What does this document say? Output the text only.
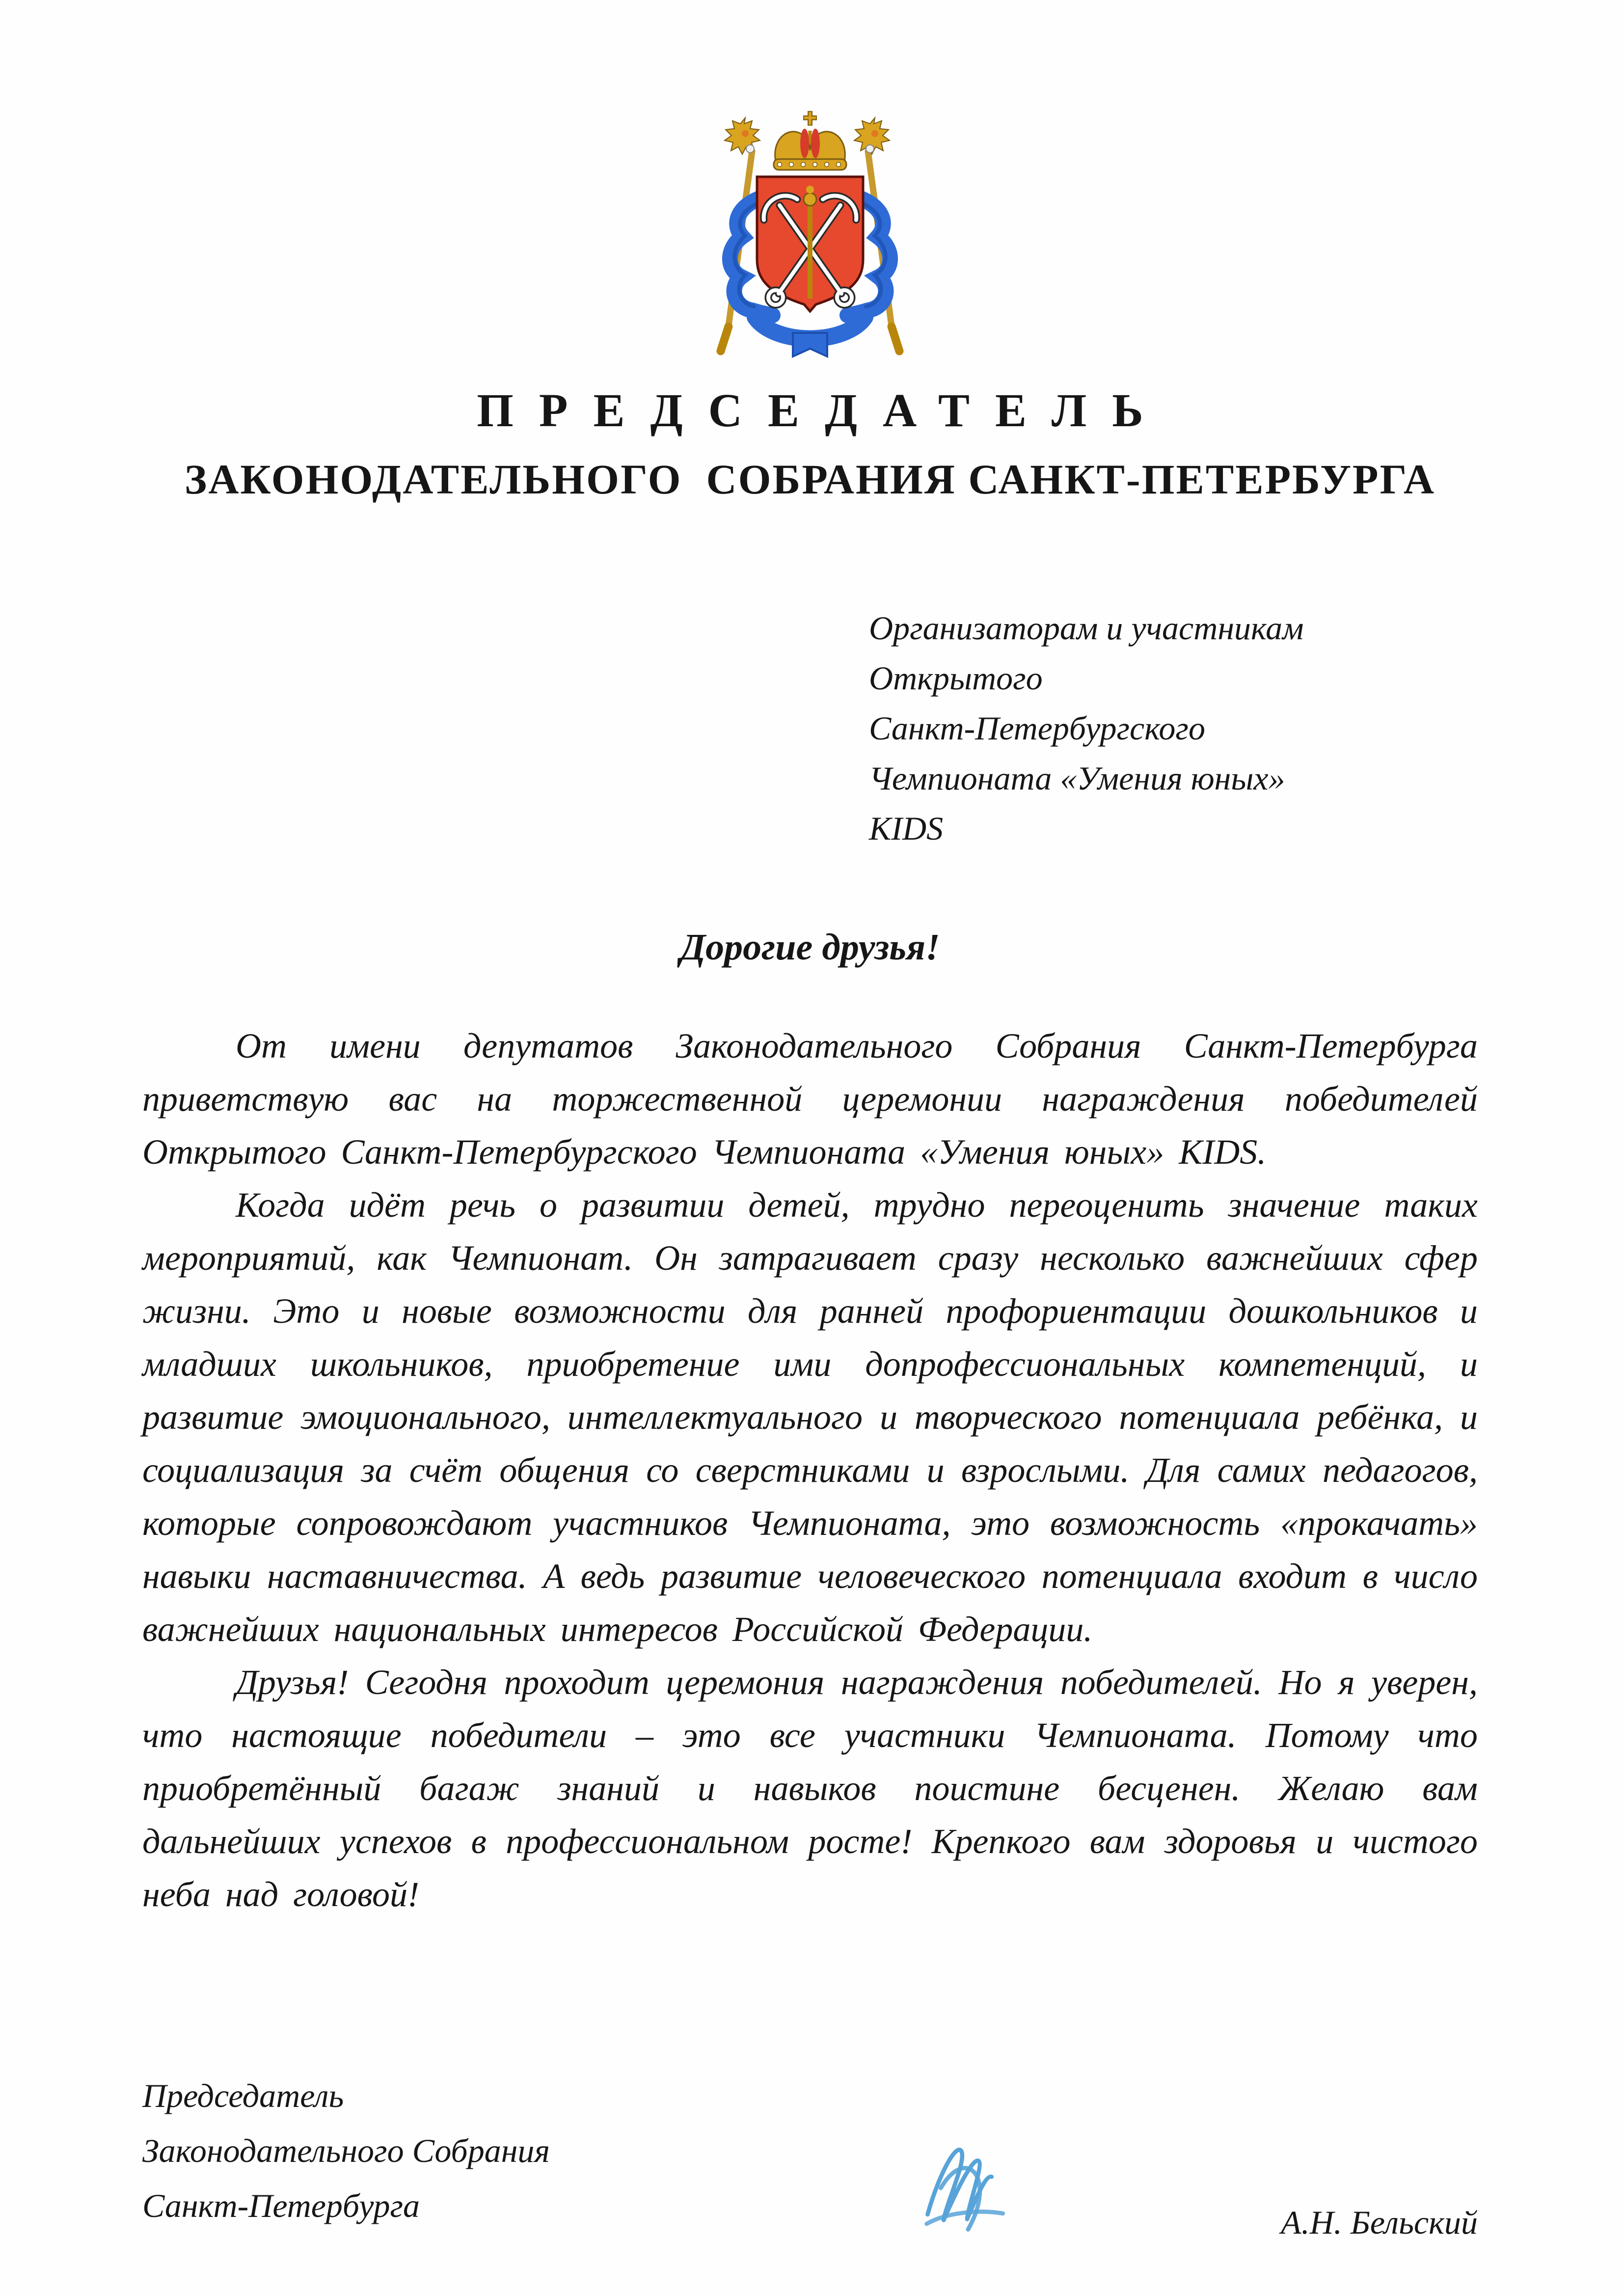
ПРЕДСЕДАТЕЛЬ
ЗАКОНОДАТЕЛЬНОГО  СОБРАНИЯ САНКТ-ПЕТЕРБУРГА
Организаторам и участникам
Открытого
Санкт-Петербургского
Чемпионата «Умения юных»
KIDS
Дорогие друзья!

От имени депутатов Законодательного Собрания Санкт-Петербурга приветствую вас на торжественной церемонии награждения победителей Открытого Санкт-Петербургского Чемпионата «Умения юных» KIDS.

Когда идёт речь о развитии детей, трудно переоценить значение таких мероприятий, как Чемпионат. Он затрагивает сразу несколько важнейших сфер жизни. Это и новые возможности для ранней профориентации дошкольников и младших школьников, приобретение ими допрофессиональных компетенций, и развитие эмоционального, интеллектуального и творческого потенциала ребёнка, и социализация за счёт общения со сверстниками и взрослыми. Для самих педагогов, которые сопровождают участников Чемпионата, это возможность «прокачать» навыки наставничества. А ведь развитие человеческого потенциала входит в число важнейших национальных интересов Российской Федерации.

Друзья! Сегодня проходит церемония награждения победителей. Но я уверен, что настоящие победители – это все участники Чемпионата. Потому что приобретённый багаж знаний и навыков поистине бесценен. Желаю вам дальнейших успехов в профессиональном росте! Крепкого вам здоровья и чистого неба над головой!

Председатель
Законодательного Собрания
Санкт-Петербурга	А.Н. Бельский
